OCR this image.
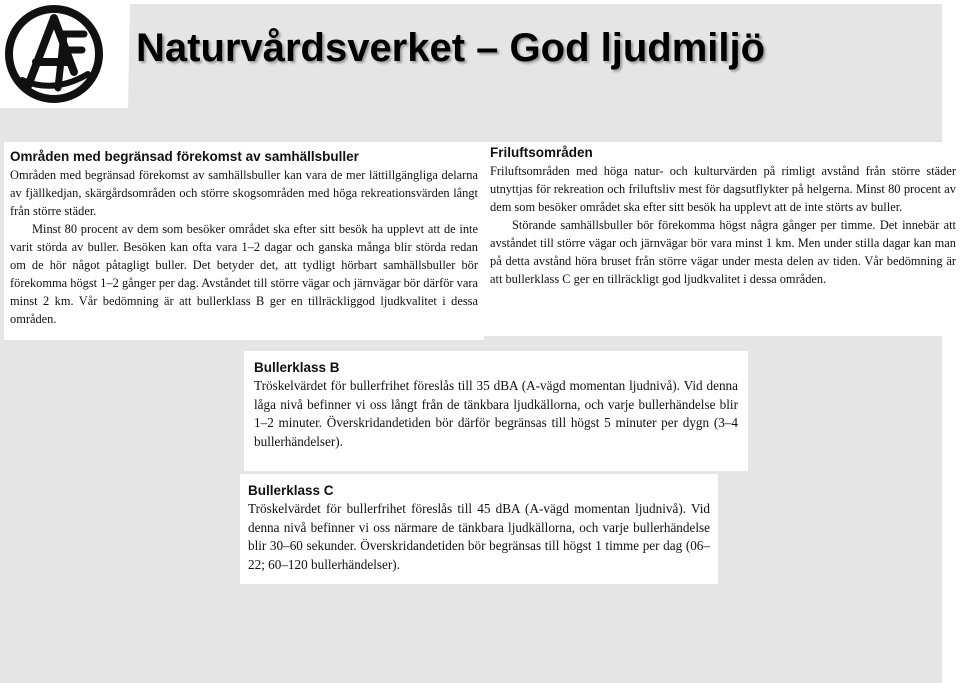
Naturvårdsverket – God ljudmiljö
Områden med begränsad förekomst av samhällsbuller

Områden med begränsad förekomst av samhällsbuller kan vara de mer lättillgängliga delarna av fjällkedjan, skärgårdsområden och större skogsområden med höga rekreationsvärden långt från större städer.

Minst 80 procent av dem som besöker området ska efter sitt besök ha upplevt att de inte varit störda av buller. Besöken kan ofta vara 1–2 dagar och ganska många blir störda redan om de hör något påtagligt buller. Det betyder det, att tydligt hörbart samhällsbuller bör förekomma högst 1–2 gånger per dag. Avståndet till större vägar och järnvägar bör därför vara minst 2 km. Vår bedömning är att bullerklass B ger en tillräckliggod ljudkvalitet i dessa områden.

Friluftsområden

Friluftsområden med höga natur- och kulturvärden på rimligt avstånd från större städer utnyttjas för rekreation och friluftsliv mest för dagsutflykter på helgerna. Minst 80 procent av dem som besöker området ska efter sitt besök ha upplevt att de inte störts av buller.

Störande samhällsbuller bör förekomma högst några gånger per timme. Det innebär att avståndet till större vägar och järnvägar bör vara minst 1 km. Men under stilla dagar kan man på detta avstånd höra bruset från större vägar under mesta delen av tiden. Vår bedömning är att bullerklass C ger en tillräckligt god ljudkvalitet i dessa områden.

Bullerklass B

Tröskelvärdet för bullerfrihet föreslås till 35 dBA (A-vägd momentan ljudnivå). Vid denna låga nivå befinner vi oss långt från de tänkbara ljudkällorna, och varje bullerhändelse blir 1–2 minuter. Överskridandetiden bör därför begränsas till högst 5 minuter per dygn (3–4 bullerhändelser).

Bullerklass C

Tröskelvärdet för bullerfrihet föreslås till 45 dBA (A-vägd momentan ljudnivå). Vid denna nivå befinner vi oss närmare de tänkbara ljudkällorna, och varje bullerhändelse blir 30–60 sekunder. Överskridandetiden bör begränsas till högst 1 timme per dag (06–22; 60–120 bullerhändelser).
